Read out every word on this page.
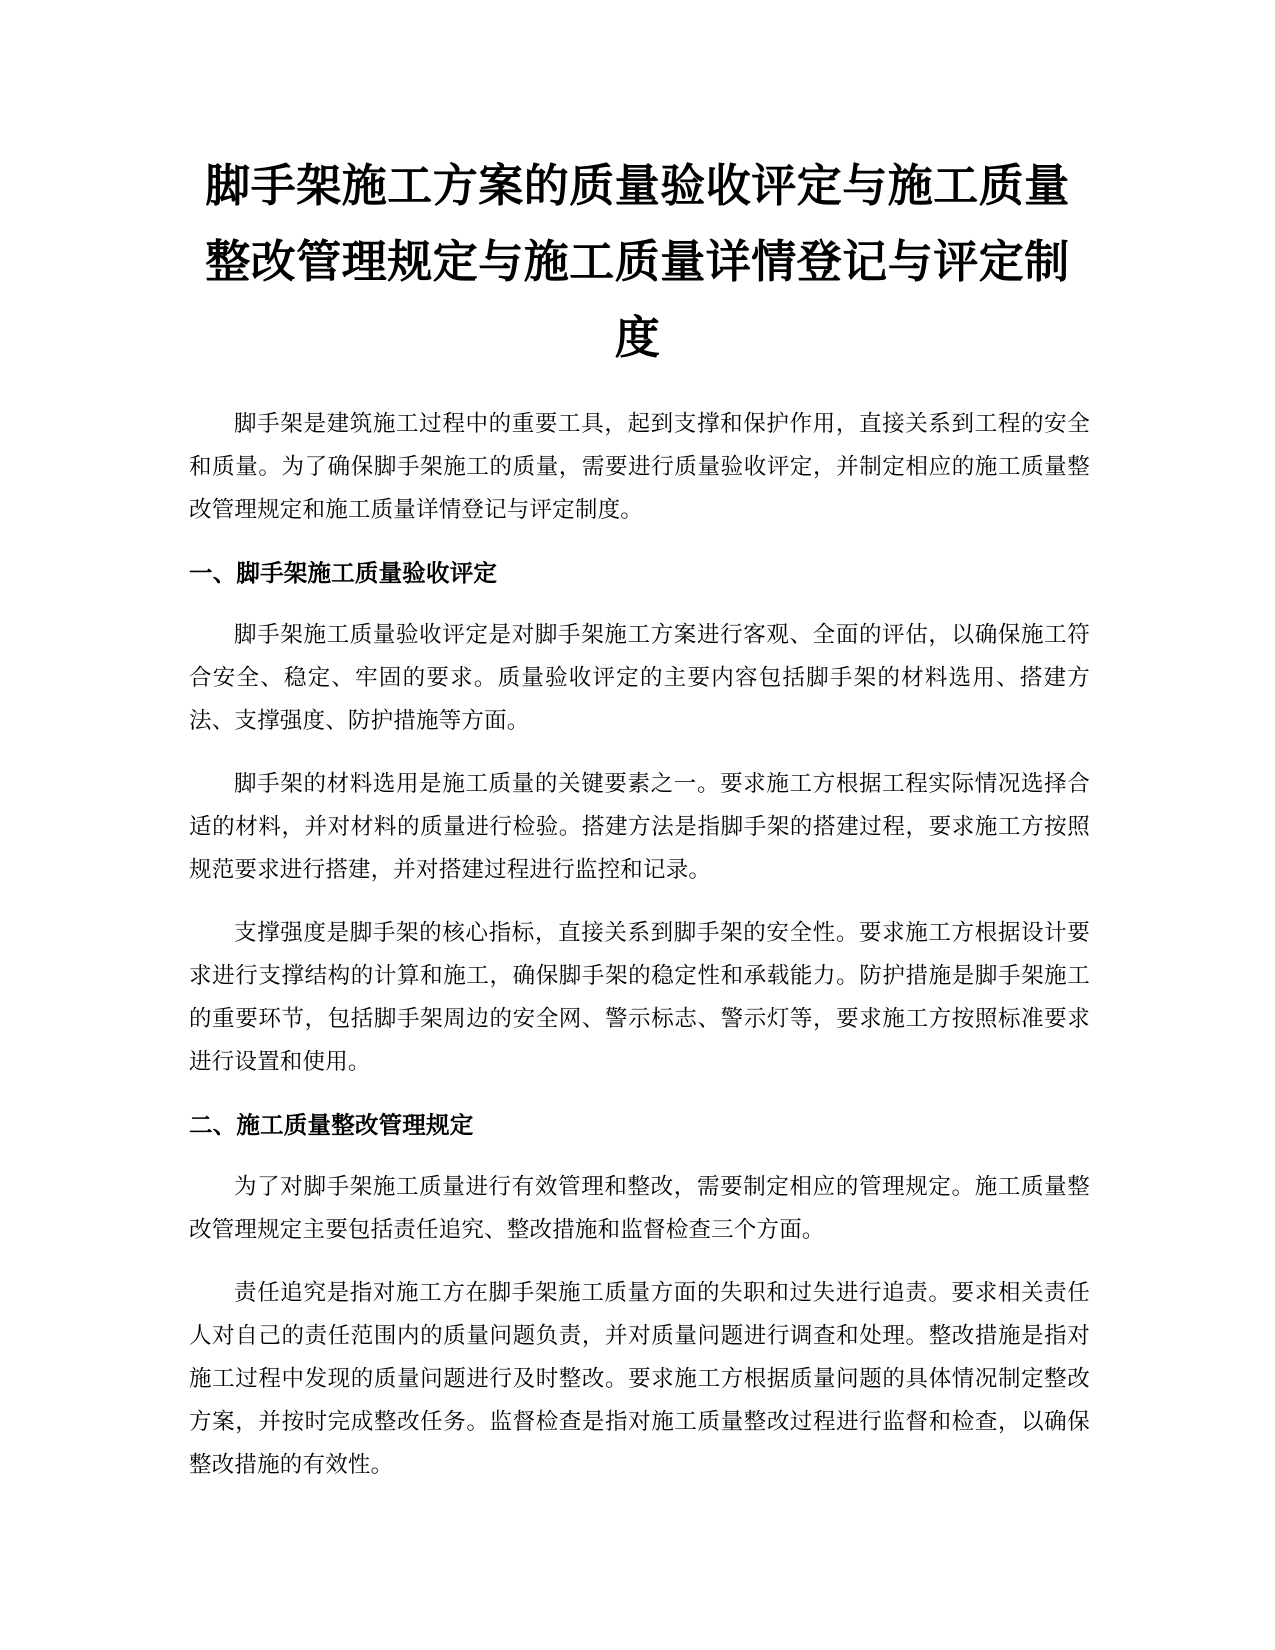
脚手架施工方案的质量验收评定与施工质量整改管理规定与施工质量详情登记与评定制度

脚手架是建筑施工过程中的重要工具，起到支撑和保护作用，直接关系到工程的安全和质量。为了确保脚手架施工的质量，需要进行质量验收评定，并制定相应的施工质量整改管理规定和施工质量详情登记与评定制度。

一、脚手架施工质量验收评定

脚手架施工质量验收评定是对脚手架施工方案进行客观、全面的评估，以确保施工符合安全、稳定、牢固的要求。质量验收评定的主要内容包括脚手架的材料选用、搭建方法、支撑强度、防护措施等方面。

脚手架的材料选用是施工质量的关键要素之一。要求施工方根据工程实际情况选择合适的材料，并对材料的质量进行检验。搭建方法是指脚手架的搭建过程，要求施工方按照规范要求进行搭建，并对搭建过程进行监控和记录。

支撑强度是脚手架的核心指标，直接关系到脚手架的安全性。要求施工方根据设计要求进行支撑结构的计算和施工，确保脚手架的稳定性和承载能力。防护措施是脚手架施工的重要环节，包括脚手架周边的安全网、警示标志、警示灯等，要求施工方按照标准要求进行设置和使用。

二、施工质量整改管理规定

为了对脚手架施工质量进行有效管理和整改，需要制定相应的管理规定。施工质量整改管理规定主要包括责任追究、整改措施和监督检查三个方面。

责任追究是指对施工方在脚手架施工质量方面的失职和过失进行追责。要求相关责任人对自己的责任范围内的质量问题负责，并对质量问题进行调查和处理。整改措施是指对施工过程中发现的质量问题进行及时整改。要求施工方根据质量问题的具体情况制定整改方案，并按时完成整改任务。监督检查是指对施工质量整改过程进行监督和检查，以确保整改措施的有效性。
